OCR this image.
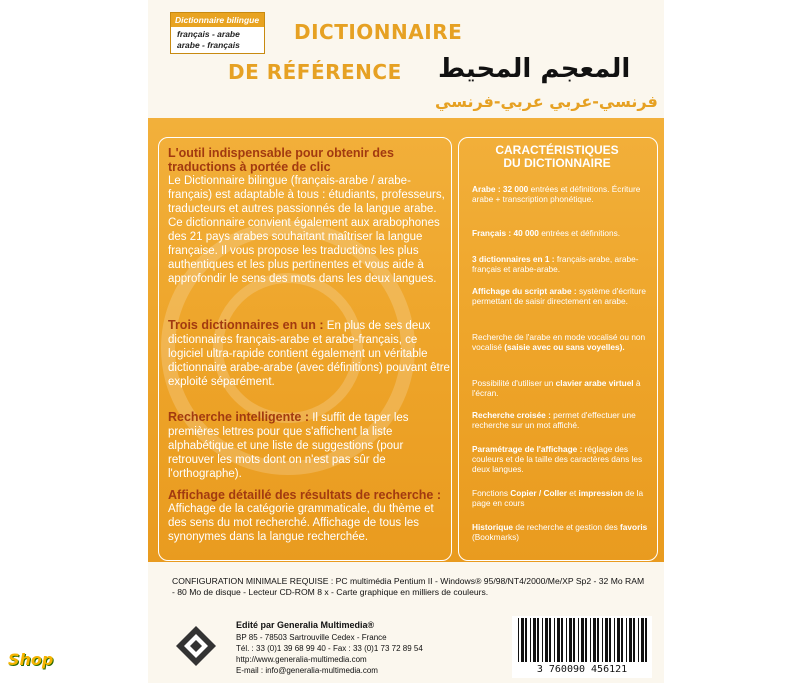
Dictionnaire bilingue
français - arabe
arabe - français
DICTIONNAIRE
DE RÉFÉRENCE المعجم المحيط
فرنسي-عربي عربي-فرنسي
L'outil indispensable pour obtenir des traductions à portée de clic
Le Dictionnaire bilingue (français-arabe / arabe-français) est adaptable à tous : étudiants, professeurs, traducteurs et autres passionnés de la langue arabe. Ce dictionnaire convient également aux arabophones des 21 pays arabes souhaitant maîtriser la langue française. Il vous propose les traductions les plus authentiques et les plus pertinentes et vous aide à approfondir le sens des mots dans les deux langues.
Trois dictionnaires en un : En plus de ses deux dictionnaires français-arabe et arabe-français, ce logiciel ultra-rapide contient également un véritable dictionnaire arabe-arabe (avec définitions) pouvant être exploité séparément.
Recherche intelligente : Il suffit de taper les premières lettres pour que s'affichent la liste alphabétique et une liste de suggestions (pour retrouver les mots dont on n'est pas sûr de l'orthographe).
Affichage détaillé des résultats de recherche :
Affichage de la catégorie grammaticale, du thème et des sens du mot recherché. Affichage de tous les synonymes dans la langue recherchée.
CARACTÉRISTIQUES
DU DICTIONNAIRE
Arabe : 32 000 entrées et définitions. Écriture arabe + transcription phonétique.
Français : 40 000 entrées et définitions.
3 dictionnaires en 1 : français-arabe, arabe-français et arabe-arabe.
Affichage du script arabe : système d'écriture permettant de saisir directement en arabe.
Recherche de l'arabe en mode vocalisé ou non vocalisé (saisie avec ou sans voyelles).
Possibilité d'utiliser un clavier arabe virtuel à l'écran.
Recherche croisée : permet d'effectuer une recherche sur un mot affiché.
Paramétrage de l'affichage : réglage des couleurs et de la taille des caractères dans les deux langues.
Fonctions Copier / Coller et impression de la page en cours
Historique de recherche et gestion des favoris (Bookmarks)
CONFIGURATION MINIMALE REQUISE : PC multimédia Pentium II - Windows® 95/98/NT4/2000/Me/XP Sp2 - 32 Mo RAM - 80 Mo de disque - Lecteur CD-ROM 8 x - Carte graphique en milliers de couleurs.
Edité par Generalia Multimedia®
BP 85 - 78503 Sartrouville Cedex - France
Tél. : 33 (0)1 39 68 99 40 - Fax : 33 (0)1 73 72 89 54
http://www.generalia-multimedia.com
E-mail : info@generalia-multimedia.com	3 760090 456121
Shop
